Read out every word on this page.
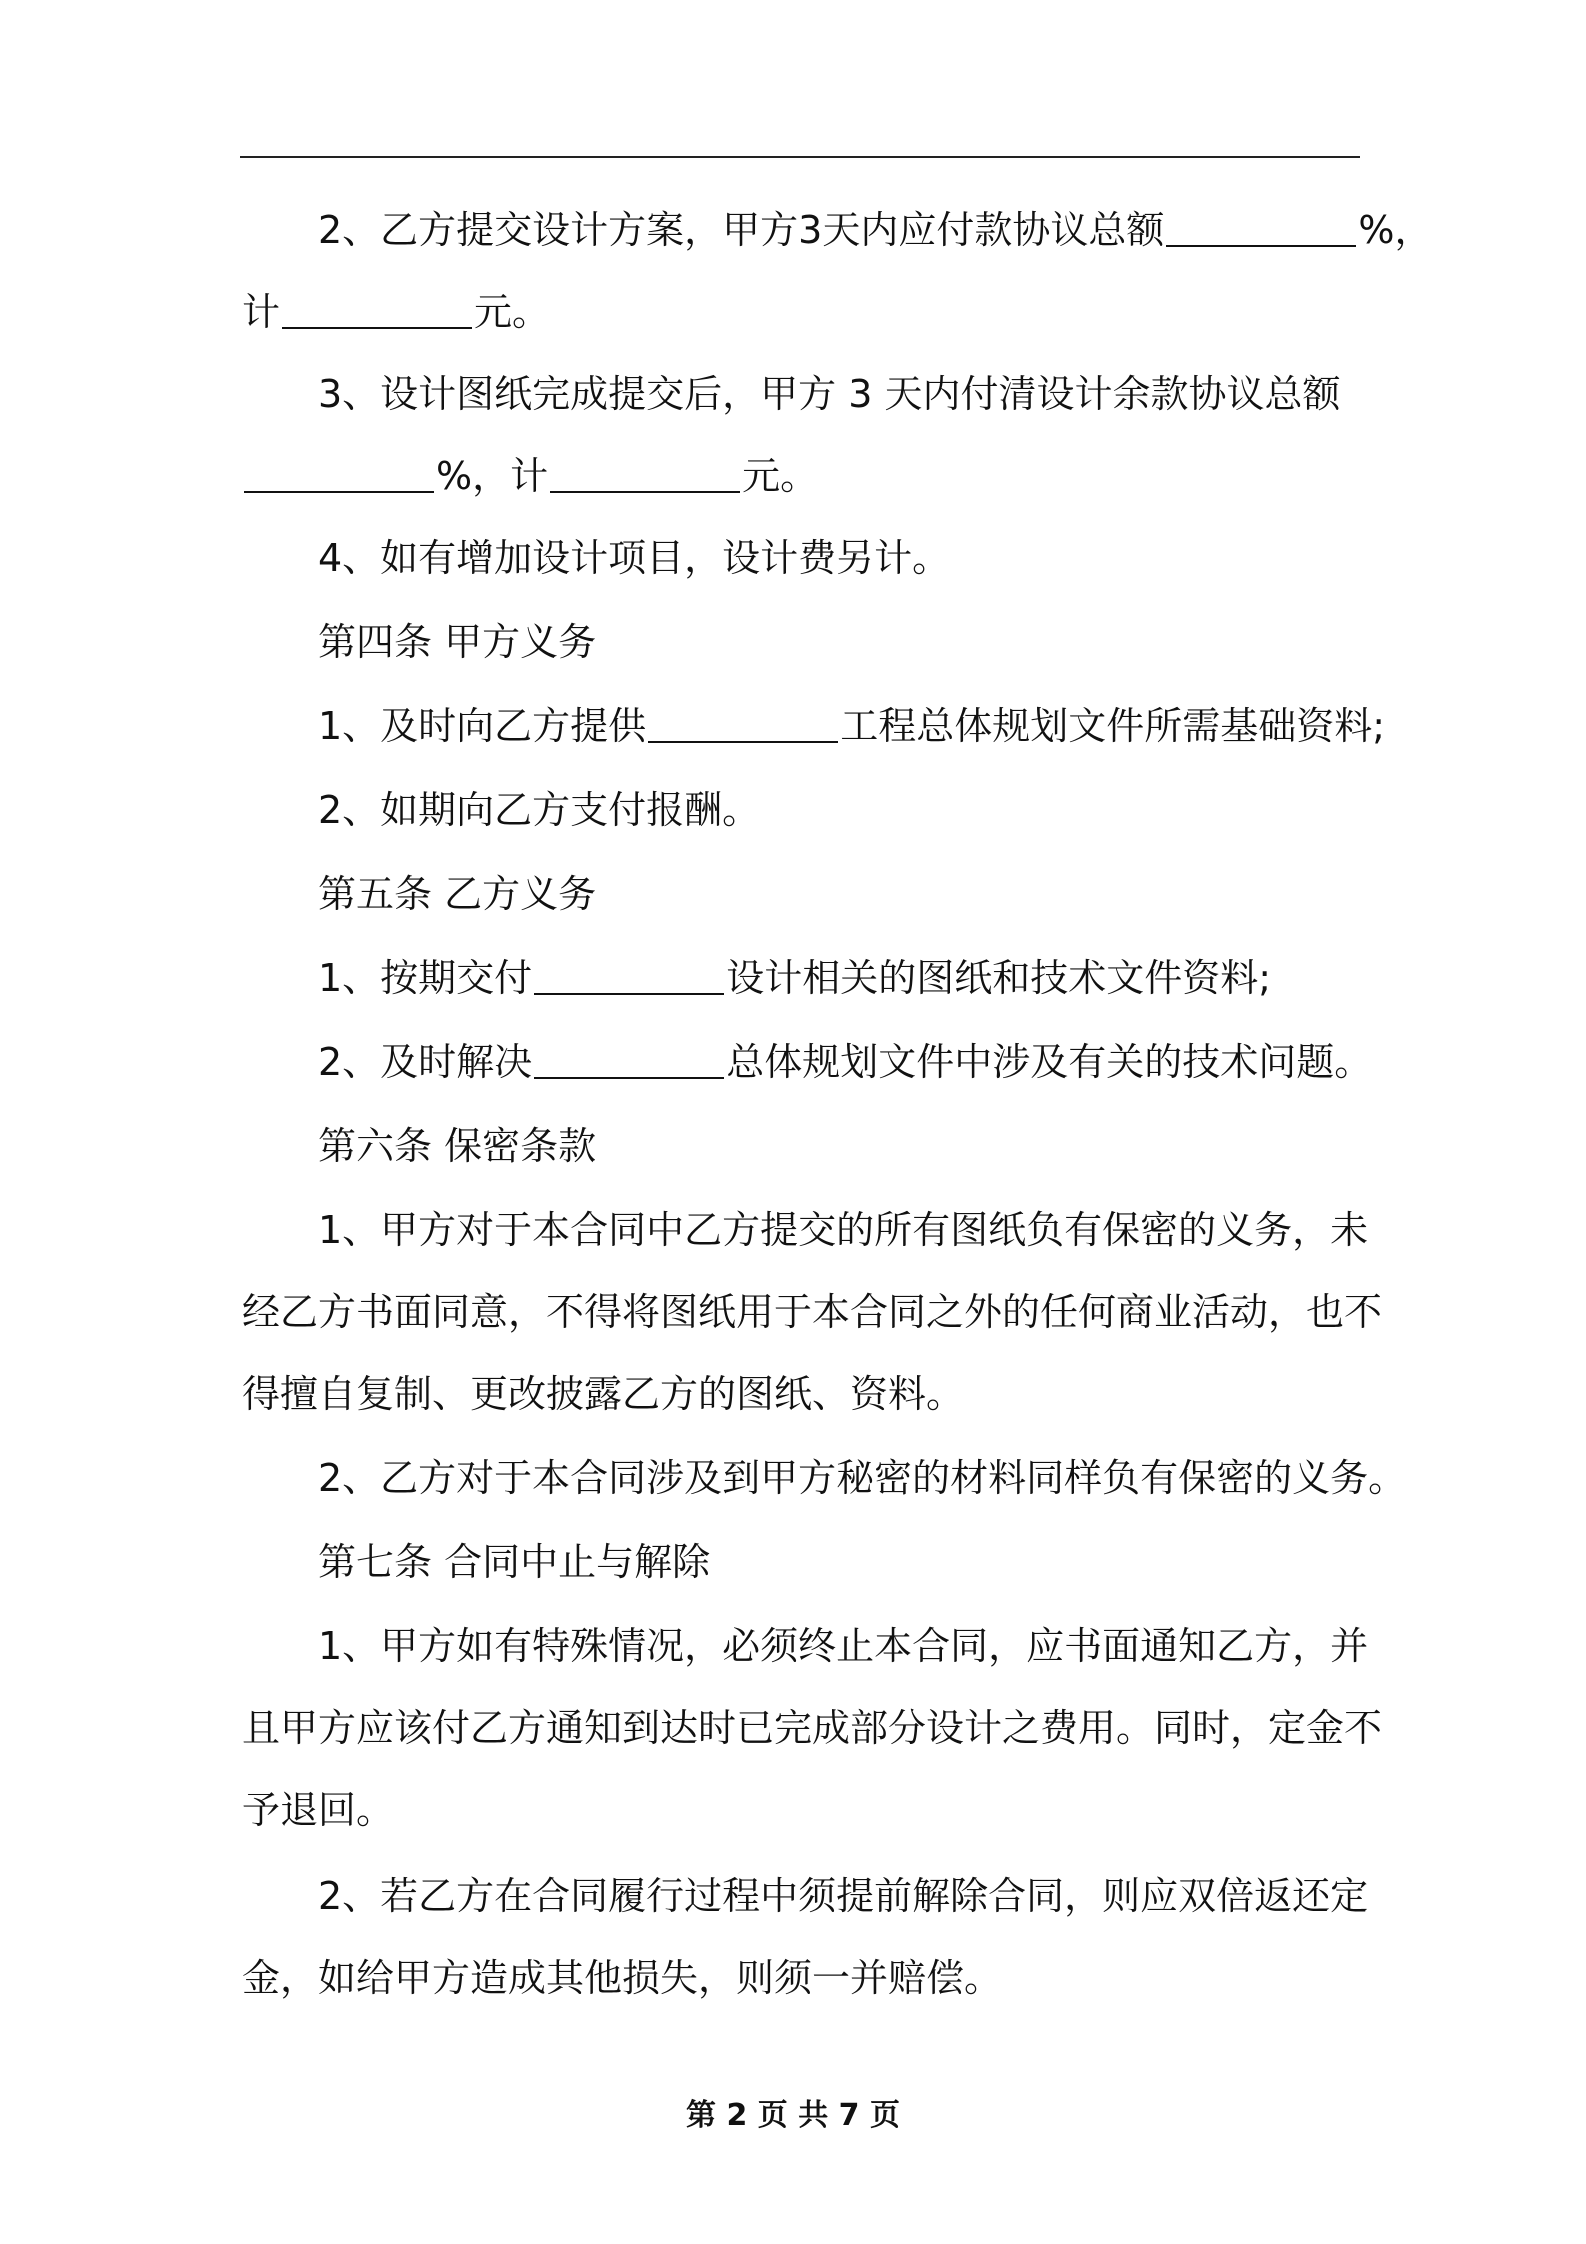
2、乙方提交设计方案，甲方3天内应付款协议总额	%，
计	元。
3、设计图纸完成提交后，甲方 3 天内付清设计余款协议总额
%，计	元。
4、如有增加设计项目，设计费另计。
第四条 甲方义务
1、及时向乙方提供	工程总体规划文件所需基础资料;
2、如期向乙方支付报酬。
第五条 乙方义务
1、按期交付	设计相关的图纸和技术文件资料;
2、及时解决	总体规划文件中涉及有关的技术问题。
第六条 保密条款
1、甲方对于本合同中乙方提交的所有图纸负有保密的义务，未
经乙方书面同意，不得将图纸用于本合同之外的任何商业活动，也不
得擅自复制、更改披露乙方的图纸、资料。
2、乙方对于本合同涉及到甲方秘密的材料同样负有保密的义务。
第七条 合同中止与解除
1、甲方如有特殊情况，必须终止本合同，应书面通知乙方，并
且甲方应该付乙方通知到达时已完成部分设计之费用。同时，定金不
予退回。
2、若乙方在合同履行过程中须提前解除合同，则应双倍返还定
金，如给甲方造成其他损失，则须一并赔偿。
第 2 页 共 7 页
